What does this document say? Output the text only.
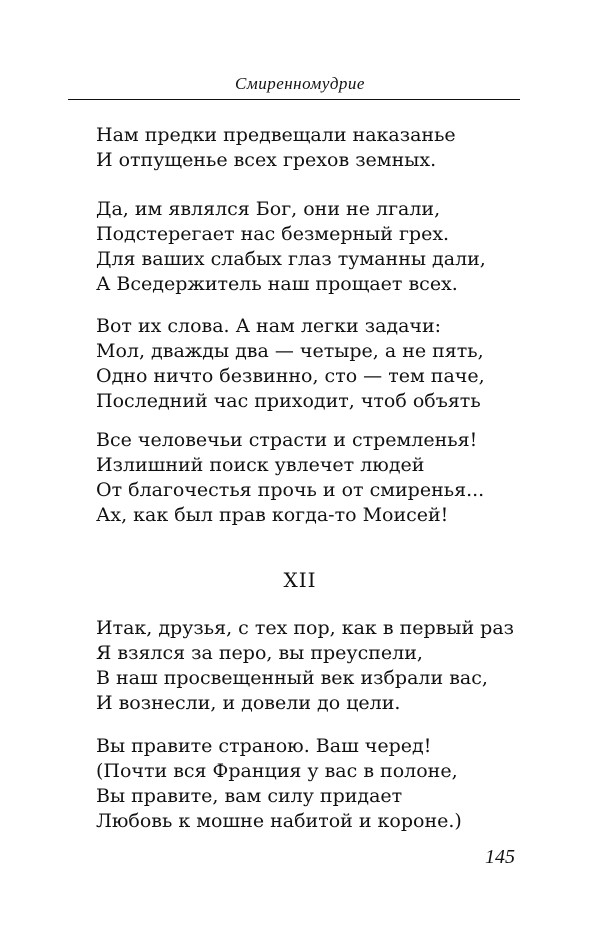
Смиренномудрие

Нам предки предвещали наказанье
И отпущенье всех грехов земных.

Да, им являлся Бог, они не лгали,
Подстерегает нас безмерный грех.
Для ваших слабых глаз туманны дали,
А Вседержитель наш прощает всех.

Вот их слова. А нам легки задачи:
Мол, дважды два — четыре, а не пять,
Одно ничто безвинно, сто — тем паче,
Последний час приходит, чтоб объять

Все человечьи страсти и стремленья!
Излишний поиск увлечет людей
От благочестья прочь и от смиренья...
Ах, как был прав когда-то Моисей!

XII

Итак, друзья, с тех пор, как в первый раз
Я взялся за перо, вы преуспели,
В наш просвещенный век избрали вас,
И вознесли, и довели до цели.

Вы правите страною. Ваш черед!
(Почти вся Франция у вас в полоне,
Вы правите, вам силу придает
Любовь к мошне набитой и короне.)

145
